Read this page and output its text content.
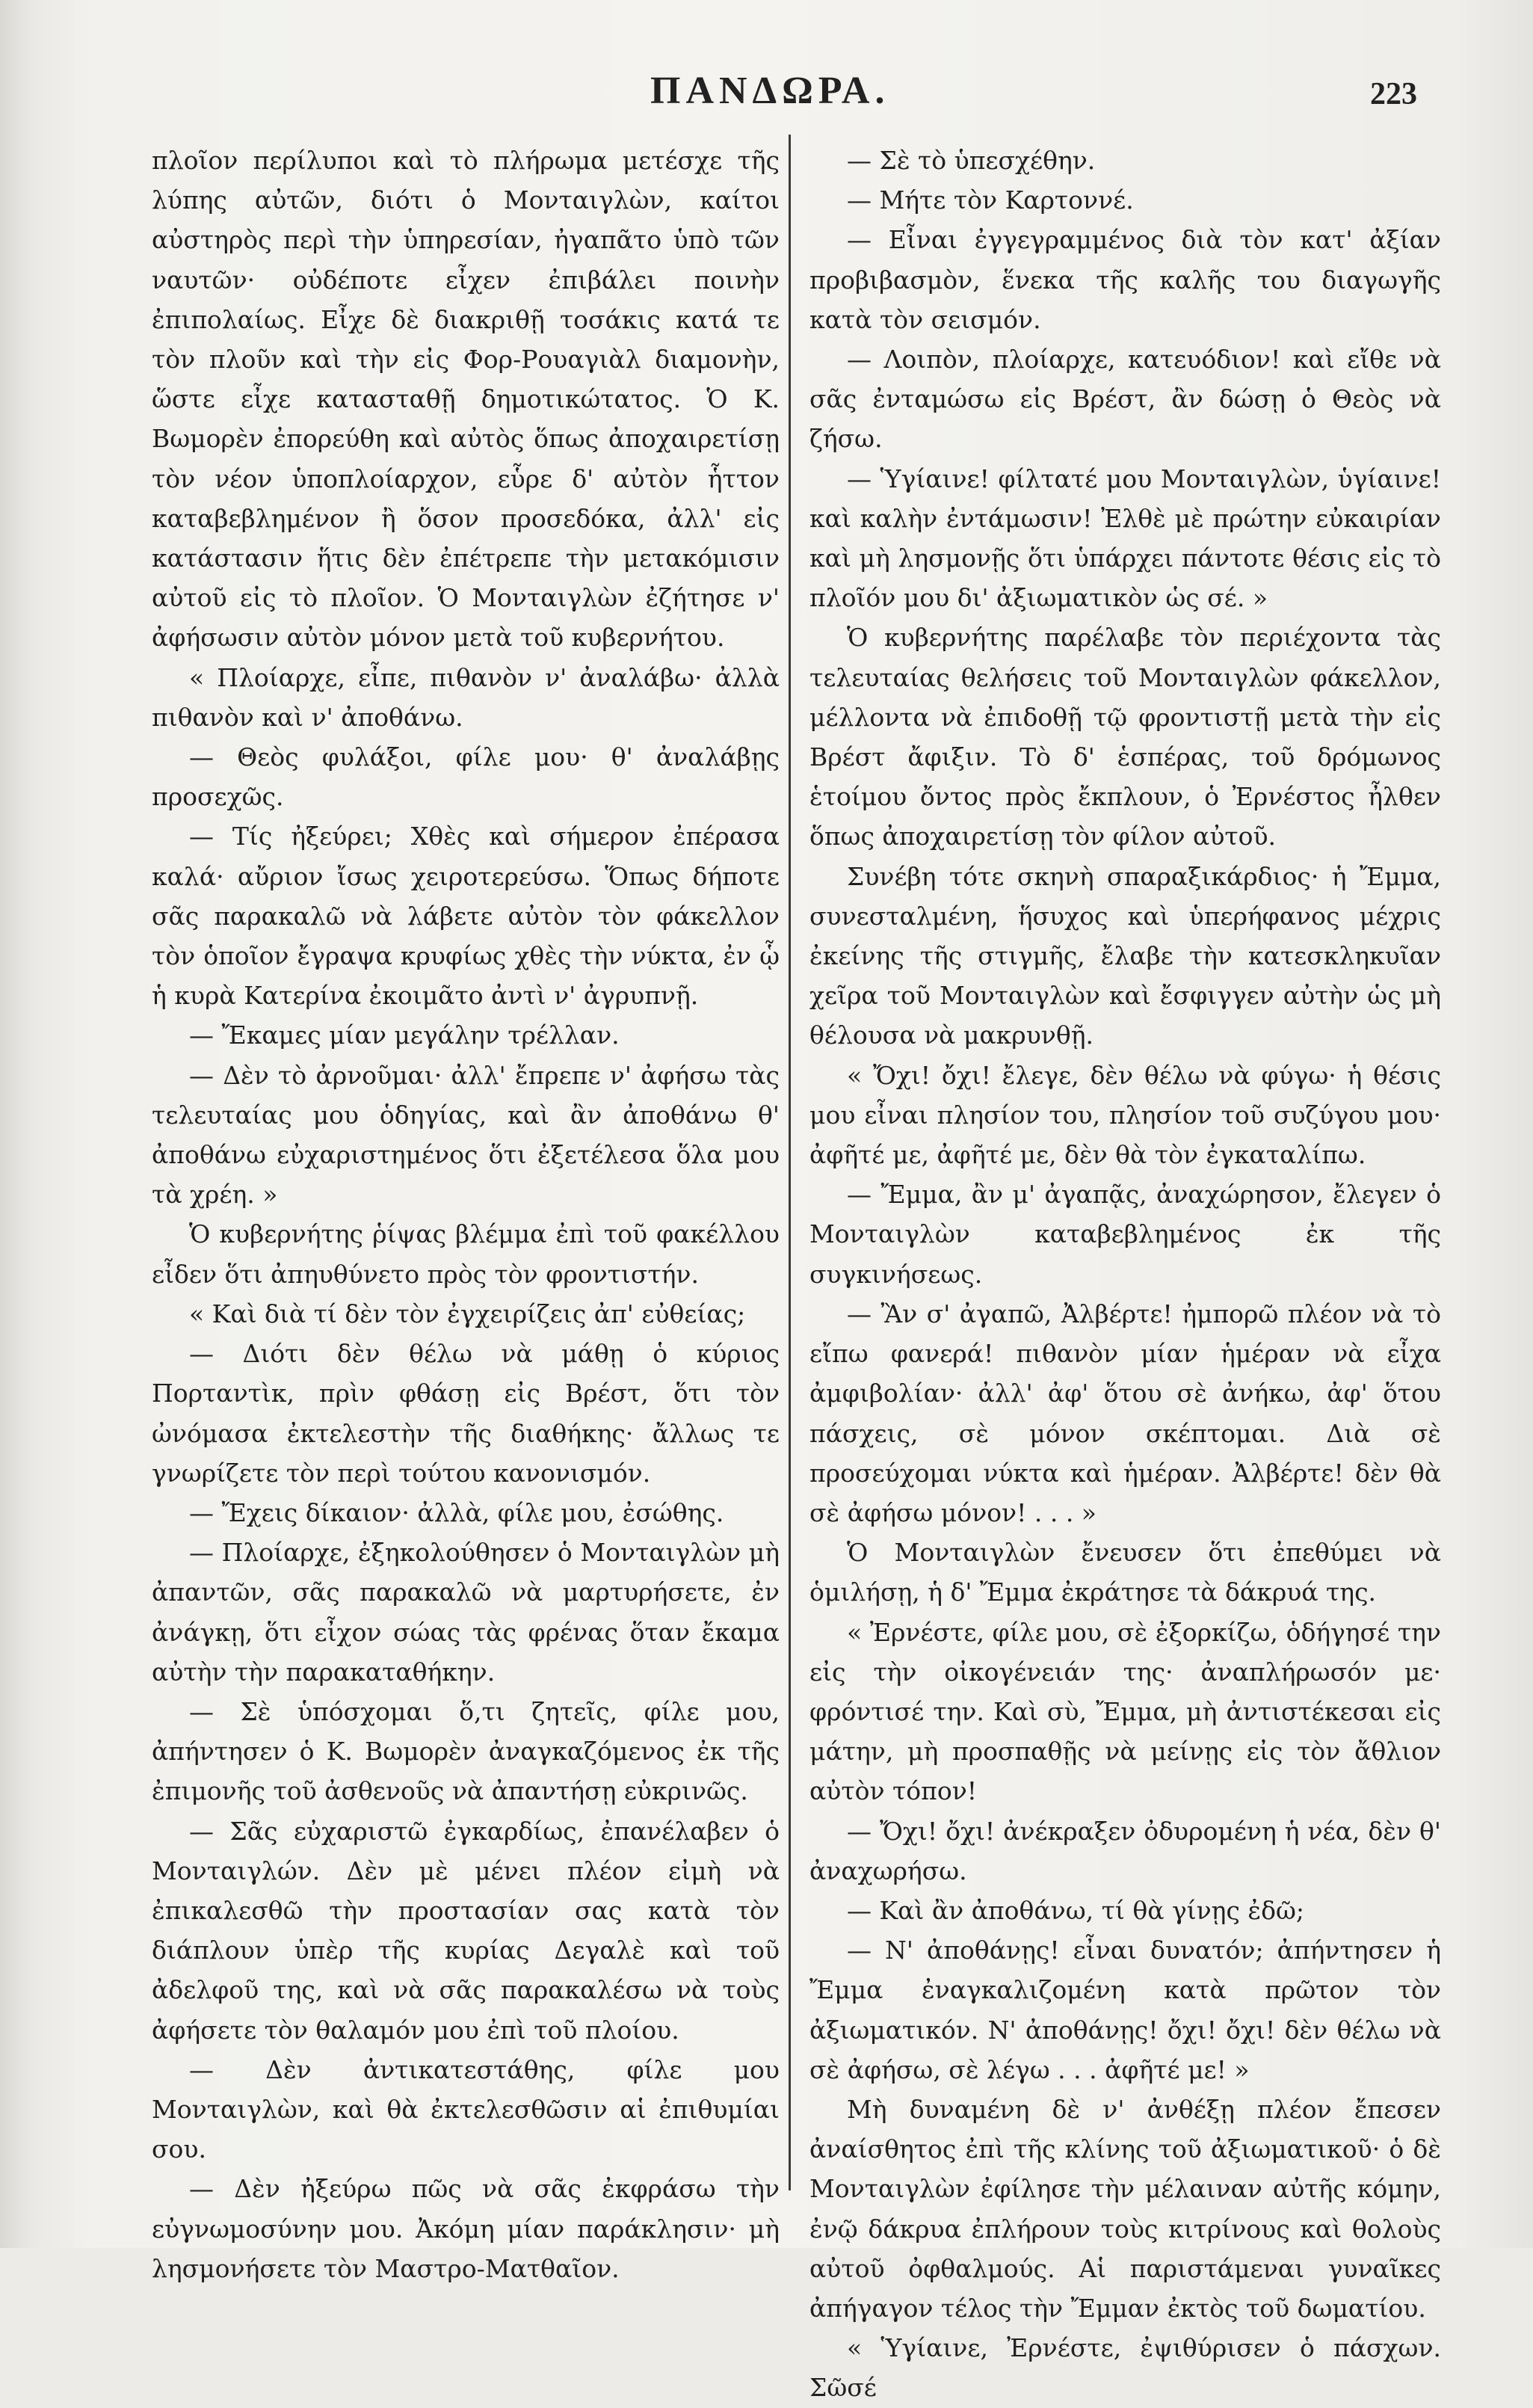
ΠΑΝΔΩΡΑ.	223

πλοῖον περίλυποι καὶ τὸ πλήρωμα μετέσχε τῆς λύπης αὐτῶν, διότι ὁ Μονταιγλὼν, καίτοι αὐστηρὸς περὶ τὴν ὑπηρεσίαν, ἠγαπᾶτο ὑπὸ τῶν ναυτῶν· οὐδέποτε εἶχεν ἐπιβάλει ποινὴν ἐπιπολαίως. Εἶχε δὲ διακριθῇ τοσάκις κατά τε τὸν πλοῦν καὶ τὴν εἰς Φορ-Ρουαγιὰλ διαμονὴν, ὥστε εἶχε κατασταθῇ δημοτικώτατος. Ὁ Κ. Βωμορὲν ἐπορεύθη καὶ αὐτὸς ὅπως ἀποχαιρετίσῃ τὸν νέον ὑποπλοίαρχον, εὗρε δ' αὐτὸν ἧττον καταβεβλημένον ἢ ὅσον προσεδόκα, ἀλλ' εἰς κατάστασιν ἥτις δὲν ἐπέτρεπε τὴν μετακόμισιν αὐτοῦ εἰς τὸ πλοῖον. Ὁ Μονταιγλὼν ἐζήτησε ν' ἀφήσωσιν αὐτὸν μόνον μετὰ τοῦ κυβερνήτου.

« Πλοίαρχε, εἶπε, πιθανὸν ν' ἀναλάβω· ἀλλὰ πιθανὸν καὶ ν' ἀποθάνω.

— Θεὸς φυλάξοι, φίλε μου· θ' ἀναλάβῃς προσεχῶς.

— Τίς ἠξεύρει; Χθὲς καὶ σήμερον ἐπέρασα καλά· αὔριον ἴσως χειροτερεύσω. Ὅπως δήποτε σᾶς παρακαλῶ νὰ λάβετε αὐτὸν τὸν φάκελλον τὸν ὁποῖον ἔγραψα κρυφίως χθὲς τὴν νύκτα, ἐν ᾧ ἡ κυρὰ Κατερίνα ἐκοιμᾶτο ἀντὶ ν' ἀγρυπνῇ.

— Ἔκαμες μίαν μεγάλην τρέλλαν.

— Δὲν τὸ ἀρνοῦμαι· ἀλλ' ἔπρεπε ν' ἀφήσω τὰς τελευταίας μου ὁδηγίας, καὶ ἂν ἀποθάνω θ' ἀποθάνω εὐχαριστημένος ὅτι ἐξετέλεσα ὅλα μου τὰ χρέη. »

Ὁ κυβερνήτης ῥίψας βλέμμα ἐπὶ τοῦ φακέλλου εἶδεν ὅτι ἀπηυθύνετο πρὸς τὸν φροντιστήν.

« Καὶ διὰ τί δὲν τὸν ἐγχειρίζεις ἀπ' εὐθείας;

— Διότι δὲν θέλω νὰ μάθῃ ὁ κύριος Πορταντὶκ, πρὶν φθάσῃ εἰς Βρέστ, ὅτι τὸν ὠνόμασα ἐκτελεστὴν τῆς διαθήκης· ἄλλως τε γνωρίζετε τὸν περὶ τούτου κανονισμόν.

— Ἔχεις δίκαιον· ἀλλὰ, φίλε μου, ἐσώθης.

— Πλοίαρχε, ἐξηκολούθησεν ὁ Μονταιγλὼν μὴ ἀπαντῶν, σᾶς παρακαλῶ νὰ μαρτυρήσετε, ἐν ἀνάγκῃ, ὅτι εἶχον σώας τὰς φρένας ὅταν ἔκαμα αὐτὴν τὴν παρακαταθήκην.

— Σὲ ὑπόσχομαι ὅ,τι ζητεῖς, φίλε μου, ἀπήντησεν ὁ Κ. Βωμορὲν ἀναγκαζόμενος ἐκ τῆς ἐπιμονῆς τοῦ ἀσθενοῦς νὰ ἀπαντήσῃ εὐκρινῶς.

— Σᾶς εὐχαριστῶ ἐγκαρδίως, ἐπανέλαβεν ὁ Μονταιγλών. Δὲν μὲ μένει πλέον εἰμὴ νὰ ἐπικαλεσθῶ τὴν προστασίαν σας κατὰ τὸν διάπλουν ὑπὲρ τῆς κυρίας Δεγαλὲ καὶ τοῦ ἀδελφοῦ της, καὶ νὰ σᾶς παρακαλέσω νὰ τοὺς ἀφήσετε τὸν θαλαμόν μου ἐπὶ τοῦ πλοίου.

— Δὲν ἀντικατεστάθης, φίλε μου Μονταιγλὼν, καὶ θὰ ἐκτελεσθῶσιν αἱ ἐπιθυμίαι σου.

— Δὲν ἠξεύρω πῶς νὰ σᾶς ἐκφράσω τὴν εὐγνωμοσύνην μου. Ἀκόμη μίαν παράκλησιν· μὴ λησμονήσετε τὸν Μαστρο-Ματθαῖον.

— Σὲ τὸ ὑπεσχέθην.

— Μήτε τὸν Καρτοννέ.

— Εἶναι ἐγγεγραμμένος διὰ τὸν κατ' ἀξίαν προβιβασμὸν, ἕνεκα τῆς καλῆς του διαγωγῆς κατὰ τὸν σεισμόν.

— Λοιπὸν, πλοίαρχε, κατευόδιον! καὶ εἴθε νὰ σᾶς ἐνταμώσω εἰς Βρέστ, ἂν δώσῃ ὁ Θεὸς νὰ ζήσω.

— Ὑγίαινε! φίλτατέ μου Μονταιγλὼν, ὑγίαινε! καὶ καλὴν ἐντάμωσιν! Ἐλθὲ μὲ πρώτην εὐκαιρίαν καὶ μὴ λησμονῇς ὅτι ὑπάρχει πάντοτε θέσις εἰς τὸ πλοῖόν μου δι' ἀξιωματικὸν ὡς σέ. »

Ὁ κυβερνήτης παρέλαβε τὸν περιέχοντα τὰς τελευταίας θελήσεις τοῦ Μονταιγλὼν φάκελλον, μέλλοντα νὰ ἐπιδοθῇ τῷ φροντιστῇ μετὰ τὴν εἰς Βρέστ ἄφιξιν. Τὸ δ' ἑσπέρας, τοῦ δρόμωνος ἑτοίμου ὄντος πρὸς ἔκπλουν, ὁ Ἐρνέστος ἦλθεν ὅπως ἀποχαιρετίσῃ τὸν φίλον αὐτοῦ.

Συνέβη τότε σκηνὴ σπαραξικάρδιος· ἡ Ἔμμα, συνεσταλμένη, ἥσυχος καὶ ὑπερήφανος μέχρις ἐκείνης τῆς στιγμῆς, ἔλαβε τὴν κατεσκληκυῖαν χεῖρα τοῦ Μονταιγλὼν καὶ ἔσφιγγεν αὐτὴν ὡς μὴ θέλουσα νὰ μακρυνθῇ.

« Ὄχι! ὄχι! ἔλεγε, δὲν θέλω νὰ φύγω· ἡ θέσις μου εἶναι πλησίον του, πλησίον τοῦ συζύγου μου· ἀφῆτέ με, ἀφῆτέ με, δὲν θὰ τὸν ἐγκαταλίπω.

— Ἔμμα, ἂν μ' ἀγαπᾷς, ἀναχώρησον, ἔλεγεν ὁ Μονταιγλὼν καταβεβλημένος ἐκ τῆς συγκινήσεως.

— Ἂν σ' ἀγαπῶ, Ἀλβέρτε! ἠμπορῶ πλέον νὰ τὸ εἴπω φανερά! πιθανὸν μίαν ἡμέραν νὰ εἶχα ἀμφιβολίαν· ἀλλ' ἀφ' ὅτου σὲ ἀνήκω, ἀφ' ὅτου πάσχεις, σὲ μόνον σκέπτομαι. Διὰ σὲ προσεύχομαι νύκτα καὶ ἡμέραν. Ἀλβέρτε! δὲν θὰ σὲ ἀφήσω μόνον! . . . »

Ὁ Μονταιγλὼν ἔνευσεν ὅτι ἐπεθύμει νὰ ὁμιλήσῃ, ἡ δ' Ἔμμα ἐκράτησε τὰ δάκρυά της.

« Ἐρνέστε, φίλε μου, σὲ ἐξορκίζω, ὁδήγησέ την εἰς τὴν οἰκογένειάν της· ἀναπλήρωσόν με· φρόντισέ την. Καὶ σὺ, Ἔμμα, μὴ ἀντιστέκεσαι εἰς μάτην, μὴ προσπαθῇς νὰ μείνῃς εἰς τὸν ἄθλιον αὐτὸν τόπον!

— Ὄχι! ὄχι! ἀνέκραξεν ὀδυρομένη ἡ νέα, δὲν θ' ἀναχωρήσω.

— Καὶ ἂν ἀποθάνω, τί θὰ γίνῃς ἐδῶ;

— Ν' ἀποθάνῃς! εἶναι δυνατόν; ἀπήντησεν ἡ Ἔμμα ἐναγκαλιζομένη κατὰ πρῶτον τὸν ἀξιωματικόν. Ν' ἀποθάνῃς! ὄχι! ὄχι! δὲν θέλω νὰ σὲ ἀφήσω, σὲ λέγω . . . ἀφῆτέ με! »

Μὴ δυναμένη δὲ ν' ἀνθέξῃ πλέον ἔπεσεν ἀναίσθητος ἐπὶ τῆς κλίνης τοῦ ἀξιωματικοῦ· ὁ δὲ Μονταιγλὼν ἐφίλησε τὴν μέλαιναν αὐτῆς κόμην, ἐνῷ δάκρυα ἐπλήρουν τοὺς κιτρίνους καὶ θολοὺς αὐτοῦ ὀφθαλμούς. Αἱ παριστάμεναι γυναῖκες ἀπήγαγον τέλος τὴν Ἔμμαν ἐκτὸς τοῦ δωματίου.

« Ὑγίαινε, Ἐρνέστε, ἐψιθύρισεν ὁ πάσχων. Σῶσέ
